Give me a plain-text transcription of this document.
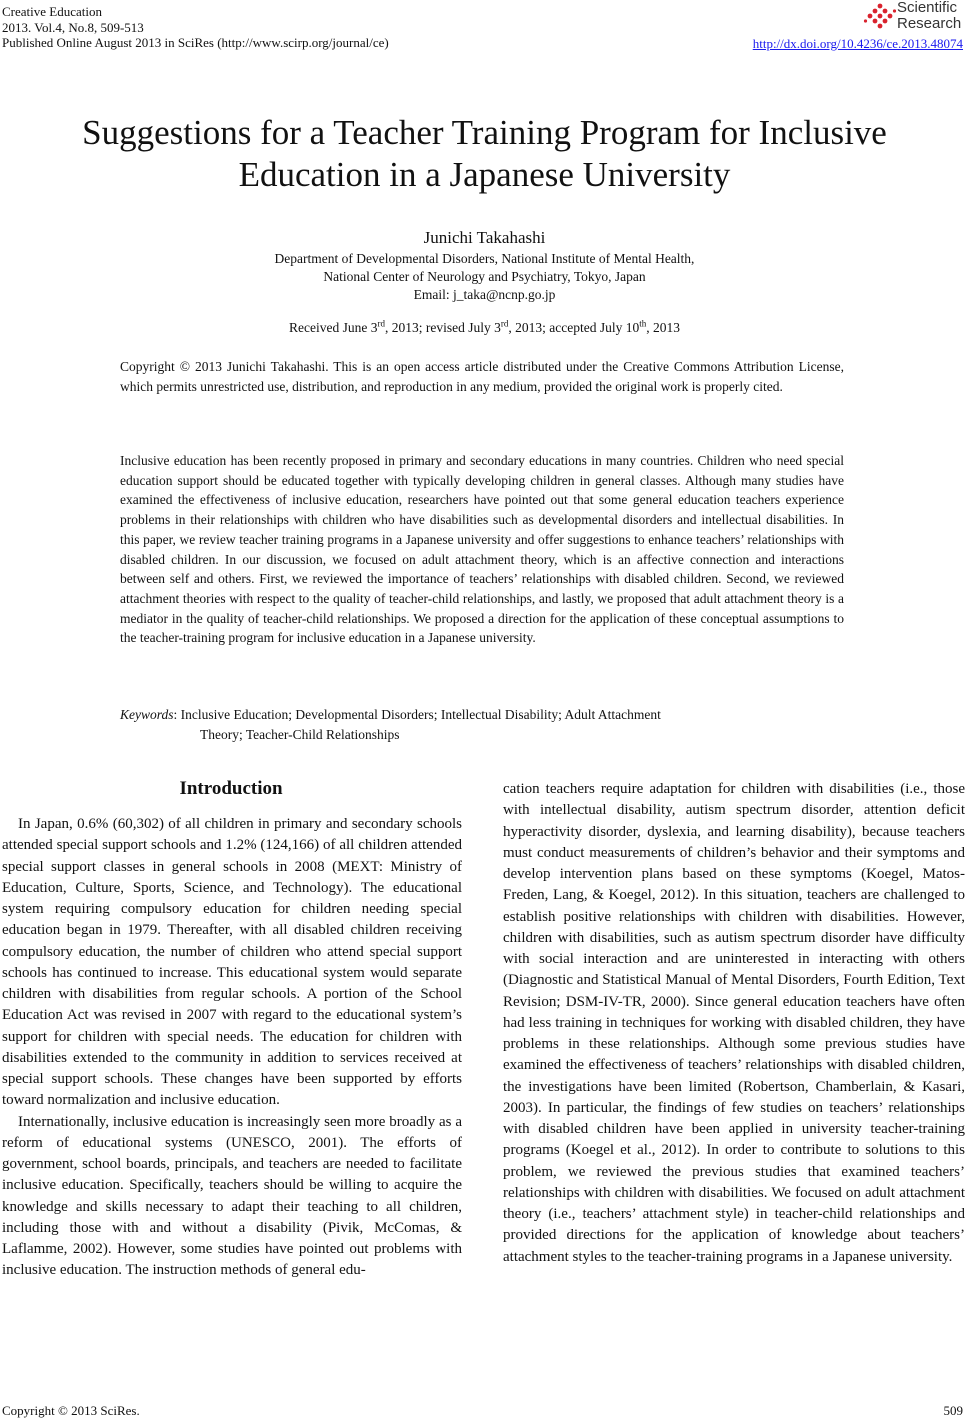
Creative Education
2013. Vol.4, No.8, 509-513
Published Online August 2013 in SciRes (http://www.scirp.org/journal/ce)
Scientific
Research
http://dx.doi.org/10.4236/ce.2013.48074
Suggestions for a Teacher Training Program for Inclusive
Education in a Japanese University
Junichi Takahashi
Department of Developmental Disorders, National Institute of Mental Health,
National Center of Neurology and Psychiatry, Tokyo, Japan
Email: j_taka@ncnp.go.jp
Received June 3rd, 2013; revised July 3rd, 2013; accepted July 10th, 2013
Copyright © 2013 Junichi Takahashi. This is an open access article distributed under the Creative Commons Attribution License, which permits unrestricted use, distribution, and reproduction in any medium, provided the original work is properly cited.
Inclusive education has been recently proposed in primary and secondary educations in many countries. Children who need special education support should be educated together with typically developing children in general classes. Although many studies have examined the effectiveness of inclusive education, researchers have pointed out that some general education teachers experience problems in their relationships with children who have disabilities such as developmental disorders and intellectual disabilities. In this paper, we review teacher training programs in a Japanese university and offer suggestions to enhance teachers’ relationships with disabled children. In our discussion, we focused on adult attachment theory, which is an affective connection and interactions between self and others. First, we reviewed the importance of teachers’ relationships with disabled children. Second, we reviewed attachment theories with respect to the quality of teacher-child relationships, and lastly, we proposed that adult attachment theory is a mediator in the quality of teacher-child relationships. We proposed a direction for the application of these conceptual assumptions to the teacher-training program for inclusive education in a Japanese university.
Keywords: Inclusive Education; Developmental Disorders; Intellectual Disability; Adult Attachment
Theory; Teacher-Child Relationships
Introduction

In Japan, 0.6% (60,302) of all children in primary and secondary schools attended special support schools and 1.2% (124,166) of all children attended special support classes in general schools in 2008 (MEXT: Ministry of Education, Culture, Sports, Science, and Technology). The educational system requiring compulsory education for children needing special education began in 1979. Thereafter, with all disabled children receiving compulsory education, the number of children who attend special support schools has continued to increase. This educational system would separate children with disabilities from regular schools. A portion of the School Education Act was revised in 2007 with regard to the educational system’s support for children with special needs. The education for children with disabilities extended to the community in addition to services received at special support schools. These changes have been supported by efforts toward normalization and inclusive education.

Internationally, inclusive education is increasingly seen more broadly as a reform of educational systems (UNESCO, 2001). The efforts of government, school boards, principals, and teachers are needed to facilitate inclusive education. Specifically, teachers should be willing to acquire the knowledge and skills necessary to adapt their teaching to all children, including those with and without a disability (Pivik, McComas, & Laflamme, 2002). However, some studies have pointed out problems with inclusive education. The instruction methods of general edu-

cation teachers require adaptation for children with disabilities (i.e., those with intellectual disability, autism spectrum disorder, attention deficit hyperactivity disorder, dyslexia, and learning disability), because teachers must conduct measurements of children’s behavior and their symptoms and develop intervention plans based on these symptoms (Koegel, Matos-Freden, Lang, & Koegel, 2012). In this situation, teachers are challenged to establish positive relationships with children with disabilities. However, children with disabilities, such as autism spectrum disorder have difficulty with social interaction and are uninterested in interacting with others (Diagnostic and Statistical Manual of Mental Disorders, Fourth Edition, Text Revision; DSM-IV-TR, 2000). Since general education teachers have often had less training in techniques for working with disabled children, they have problems in these relationships. Although some previous studies have examined the effectiveness of teachers’ relationships with disabled children, the investigations have been limited (Robertson, Chamberlain, & Kasari, 2003). In particular, the findings of few studies on teachers’ relationships with disabled children have been applied in university teacher-training programs (Koegel et al., 2012). In order to contribute to solutions to this problem, we reviewed the previous studies that examined teachers’ relationships with children with disabilities. We focused on adult attachment theory (i.e., teachers’ attachment style) in teacher-child relationships and provided directions for the application of knowledge about teachers’ attachment styles to the teacher-training programs in a Japanese university.

Copyright © 2013 SciRes.	509
